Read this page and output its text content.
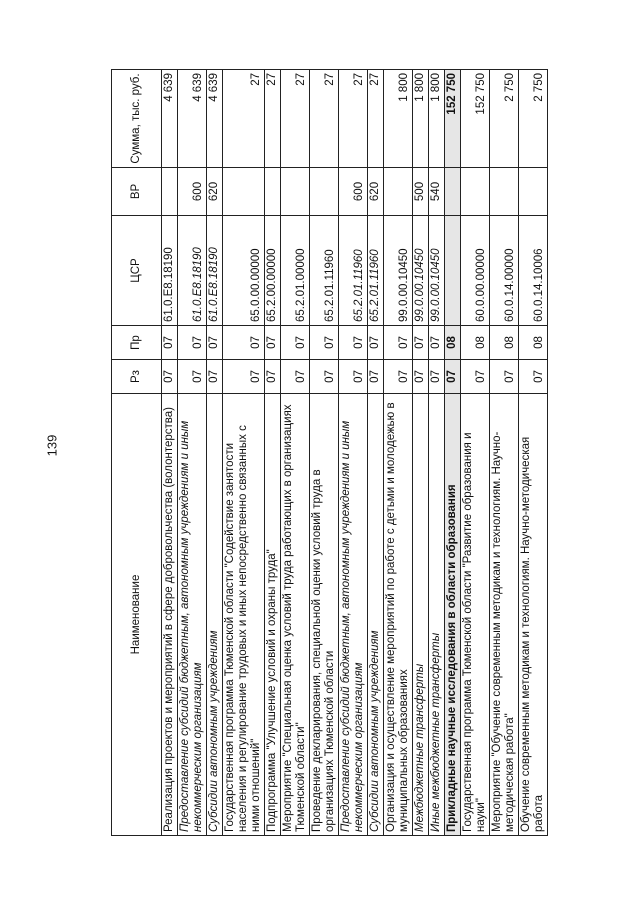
139
Наименование	Рз	Пр	ЦСР	ВР	Сумма, тыс. руб.
Реализация проектов и мероприятий в сфере добровольчества (волонтерства)	07	07	61.0.E8.18190		4 639
Предоставление субсидий бюджетным, автономным учреждениям и иным некоммерческим организациям	07	07	61.0.E8.18190	600	4 639
Субсидии автономным учреждениям	07	07	61.0.E8.18190	620	4 639
Государственная программа Тюменской области "Содействие занятости населения и регулирование трудовых и иных непосредственно связанных с ними отношений"	07	07	65.0.00.00000		27
Подпрограмма "Улучшение условий и охраны труда"	07	07	65.2.00.00000		27
Мероприятие "Специальная оценка условий труда работающих в организациях Тюменской области"	07	07	65.2.01.00000		27
Проведение декларирования, специальной оценки условий труда в организациях Тюменской области	07	07	65.2.01.11960		27
Предоставление субсидий бюджетным, автономным учреждениям и иным некоммерческим организациям	07	07	65.2.01.11960	600	27
Субсидии автономным учреждениям	07	07	65.2.01.11960	620	27
Организация и осуществление мероприятий по работе с детьми и молодежью в муниципальных образованиях	07	07	99.0.00.10450		1 800
Межбюджетные трансферты	07	07	99.0.00.10450	500	1 800
Иные межбюджетные трансферты	07	07	99.0.00.10450	540	1 800
Прикладные научные исследования в области образования	07	08			152 750
Государственная программа Тюменской области "Развитие образования и науки"	07	08	60.0.00.00000		152 750
Мероприятие "Обучение современным методикам и технологиям. Научно-методическая работа"	07	08	60.0.14.00000		2 750
Обучение современным методикам и технологиям. Научно-методическая работа	07	08	60.0.14.10006		2 750
